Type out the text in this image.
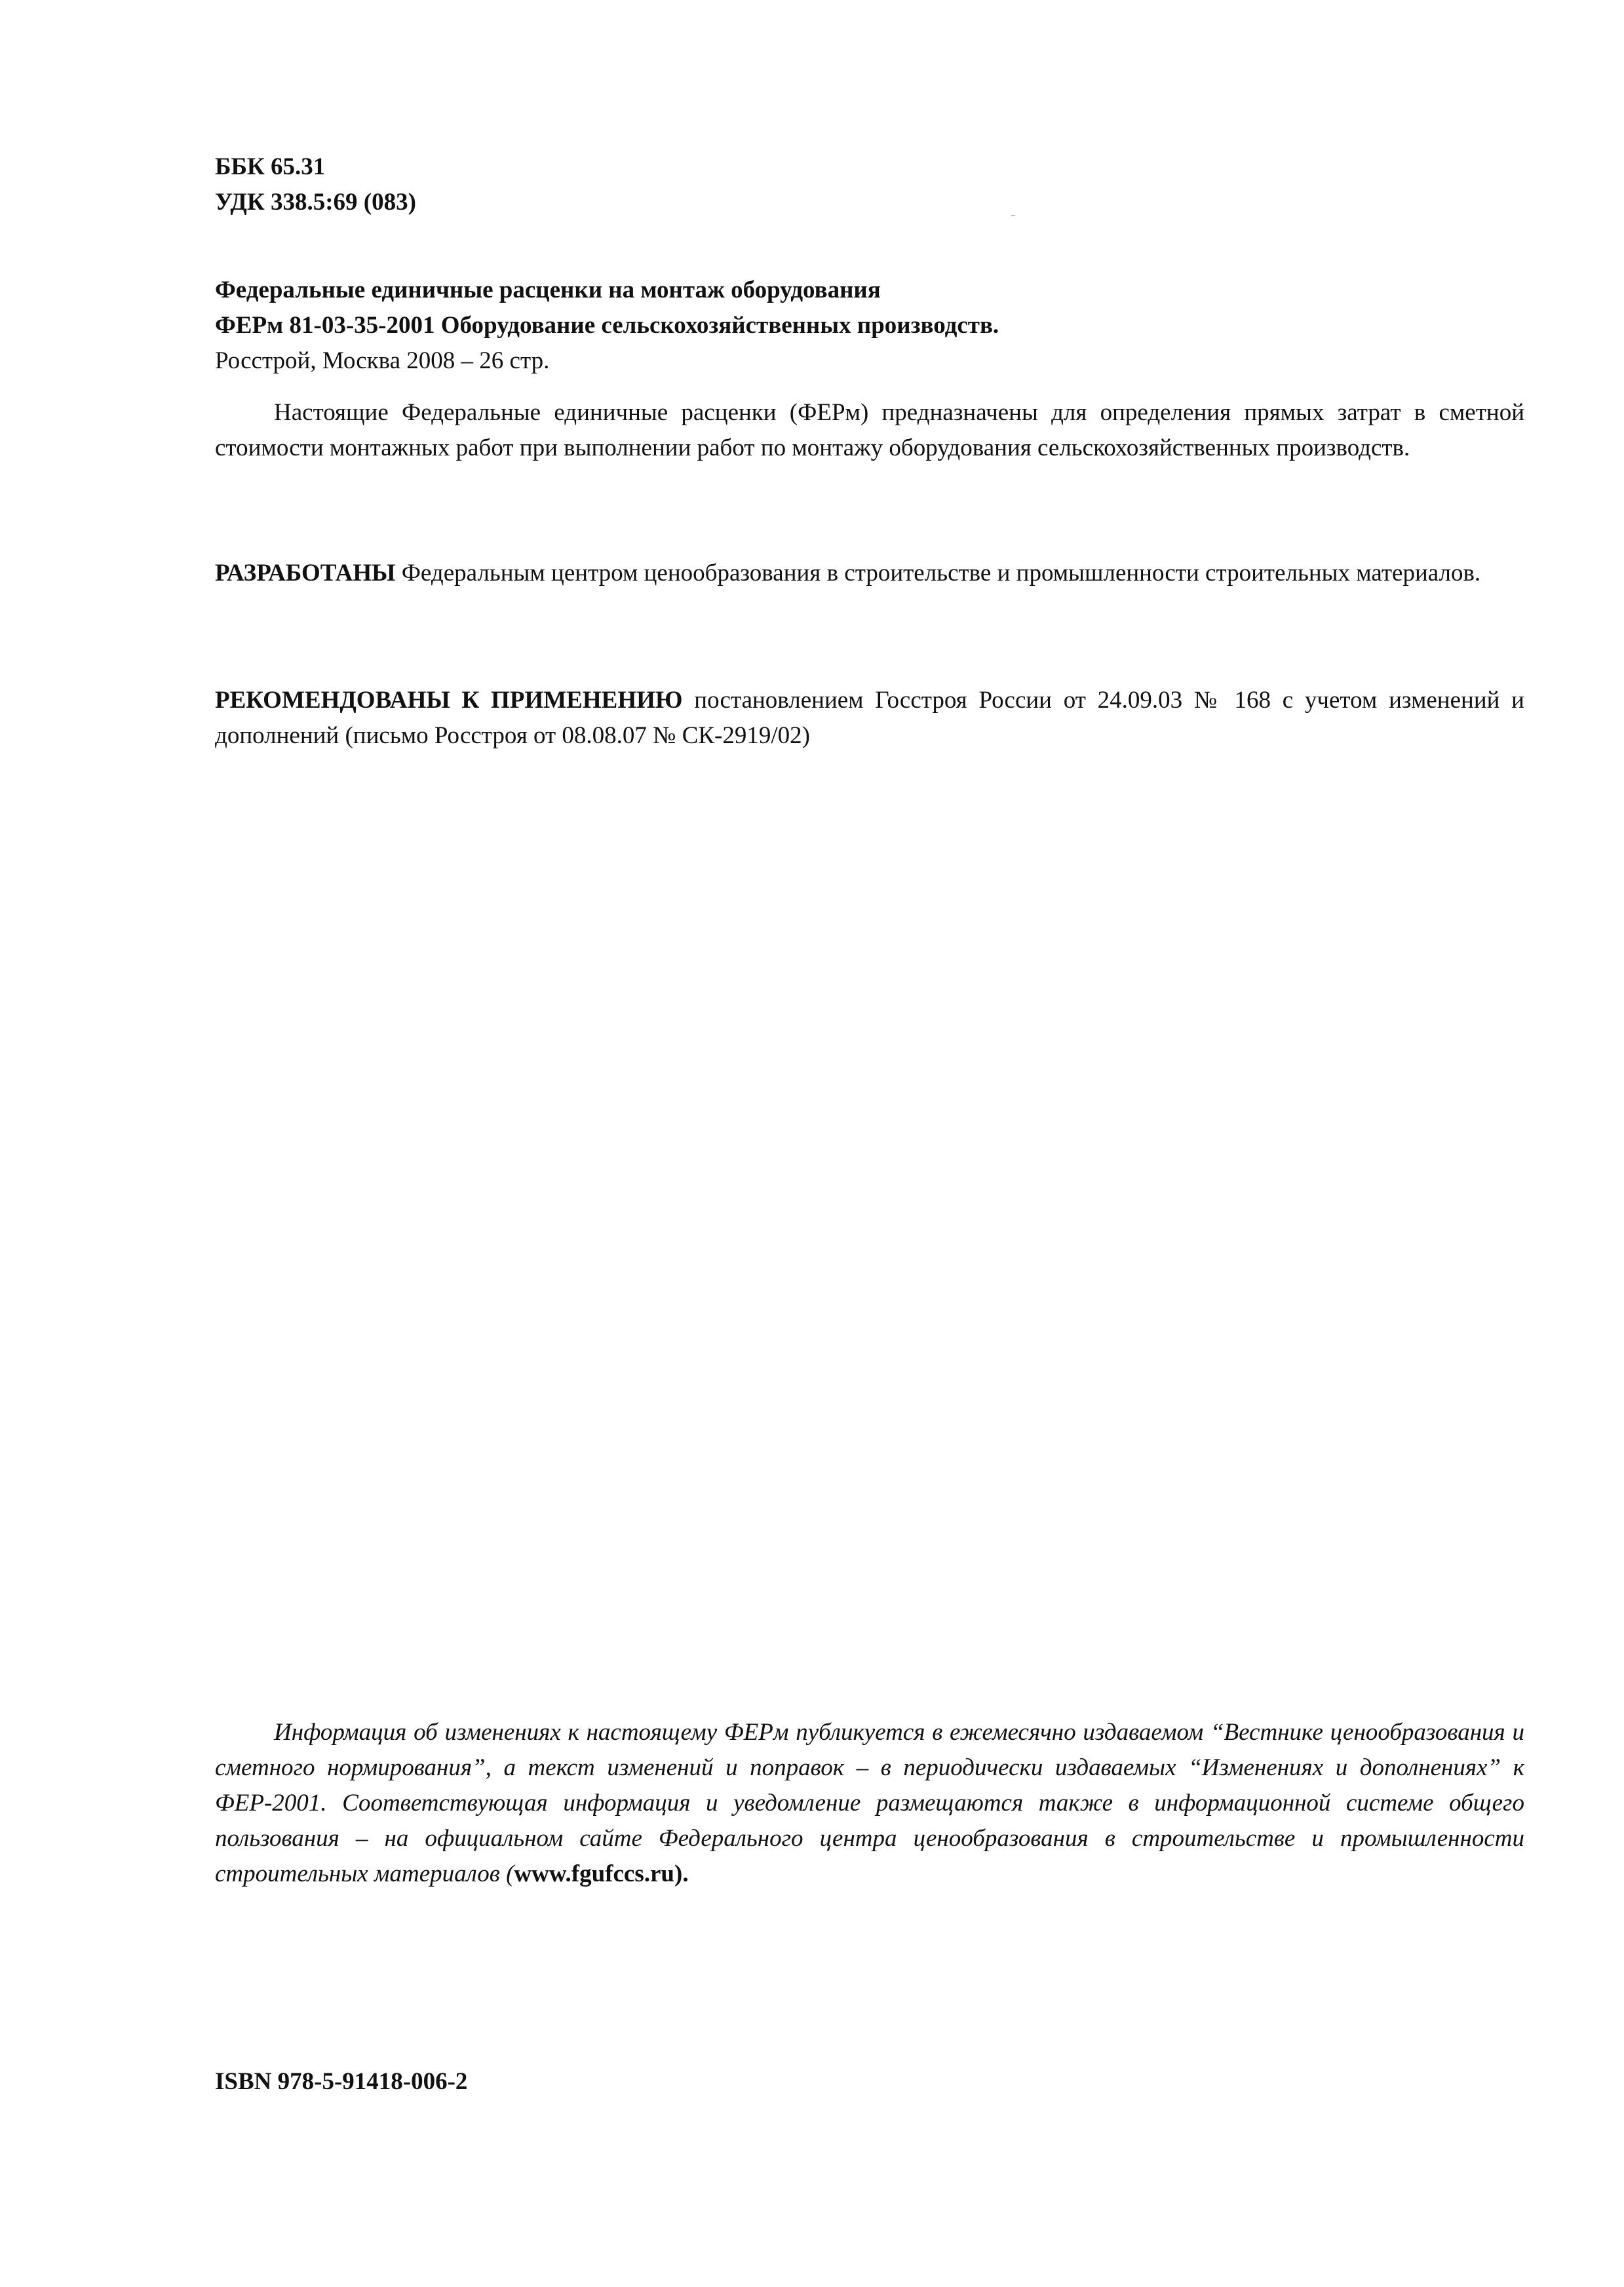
ББК 65.31
УДК 338.5:69 (083)
Федеральные единичные расценки на монтаж оборудования
ФЕРм 81-03-35-2001 Оборудование сельскохозяйственных производств.
Росстрой, Москва 2008 – 26 стр.

Настоящие Федеральные единичные расценки (ФЕРм) предназначены для определения прямых затрат в сметной стоимости монтажных работ при выполнении работ по монтажу оборудования сельскохозяйственных производств.

РАЗРАБОТАНЫ Федеральным центром ценообразования в строительстве и промышленности строительных материалов.

РЕКОМЕНДОВАНЫ К ПРИМЕНЕНИЮ постановлением Госстроя России от 24.09.03 № 168 с учетом изменений и дополнений (письмо Росстроя от 08.08.07 № СК-2919/02)

Информация об изменениях к настоящему ФЕРм публикуется в ежемесячно издаваемом “Вестнике ценообразования и сметного нормирования”, а текст изменений и поправок – в периодически издаваемых “Изменениях и дополнениях” к ФЕР-2001. Соответствующая информация и уведомление размещаются также в информационной системе общего пользования – на официальном сайте Федерального центра ценообразования в строительстве и промышленности строительных материалов (www.fgufccs.ru).

ISBN 978-5-91418-006-2
